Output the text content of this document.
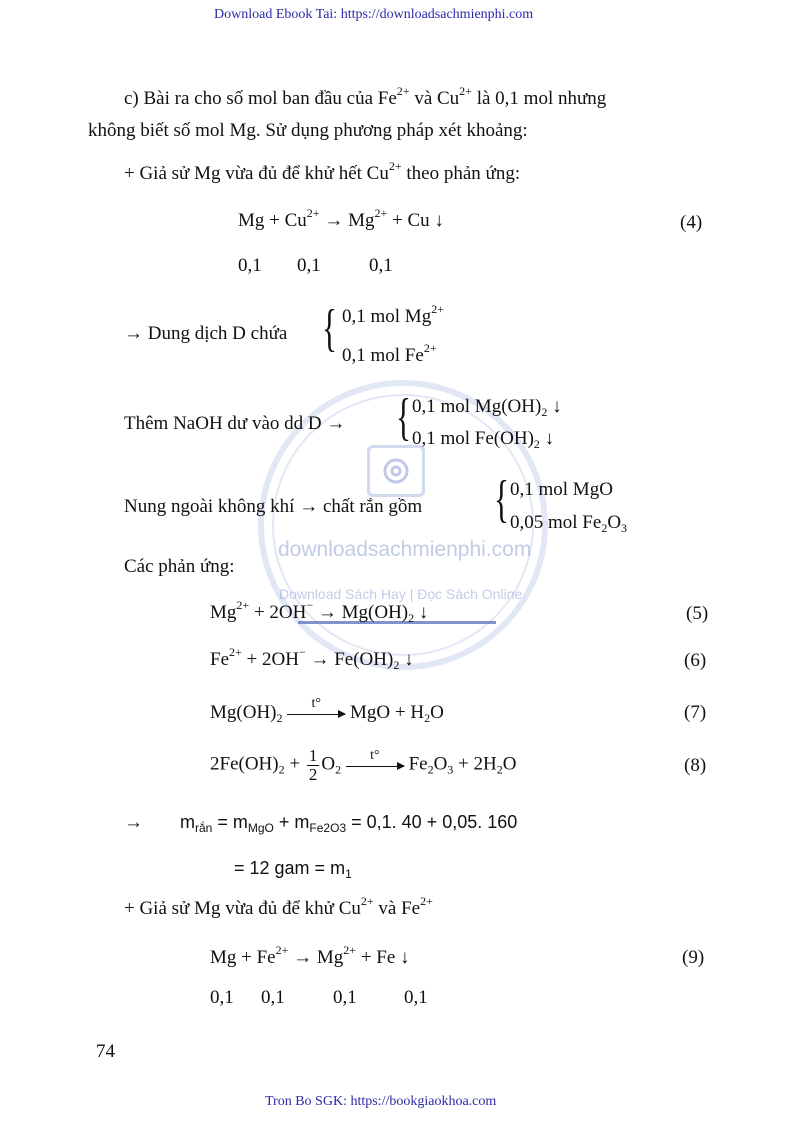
downloadsachmienphi.com
Download Sách Hay | Đọc Sách Online
Download Ebook Tai: https://downloadsachmienphi.com
Tron Bo SGK: https://bookgiaokhoa.com
c) Bài ra cho số mol ban đầu của $Fe^{2+}$ và $Cu^{2+}$ là 0,1 mol nhưng
không biết số mol Mg. Sử dụng phương pháp xét khoảng:
+ Giả sử Mg vừa đủ để khử hết $Cu^{2+}$ theo phản ứng:
$Mg + Cu^{2+} \to Mg^{2+} + Cu$ ↓	(4)
0,1 0,1	0,1
→ Dung dịch D chứa { 0,1 mol $Mg^{2+}$
0,1 mol $Fe^{2+}$
Thêm NaOH dư vào dd D → { 0,1 mol $Mg(OH)_2$ ↓
0,1 mol $Fe(OH)_2$ ↓
Nung ngoài không khí → chất rắn gồm { 0,1 mol MgO
0,05 mol $Fe_2O_3$
Các phản ứng:
$Mg^{2+} + 2OH^- \to Mg(OH)_2$ ↓	(5)
$Fe^{2+} + 2OH^- \to Fe(OH)_2$ ↓	(6)
$Mg(OH)_2$
t°	MgO + $H_2O$	(7)
$2Fe(OH)_2 + \frac{1}{2} O_2$
t°	$Fe_2O_3 + 2H_2O$	(8)
→ $m_{rắn} = m_{MgO} + m_{Fe2O3} = 0,1$. 40 + 0,05. 160
= 12 gam = $m_1$
+ Giả sử Mg vừa đủ để khử $Cu^{2+}$ và $Fe^{2+}$
$Mg + Fe^{2+} \to Mg^{2+} + Fe$ ↓	(9)
0,1 0,1	0,1 0,1
74
